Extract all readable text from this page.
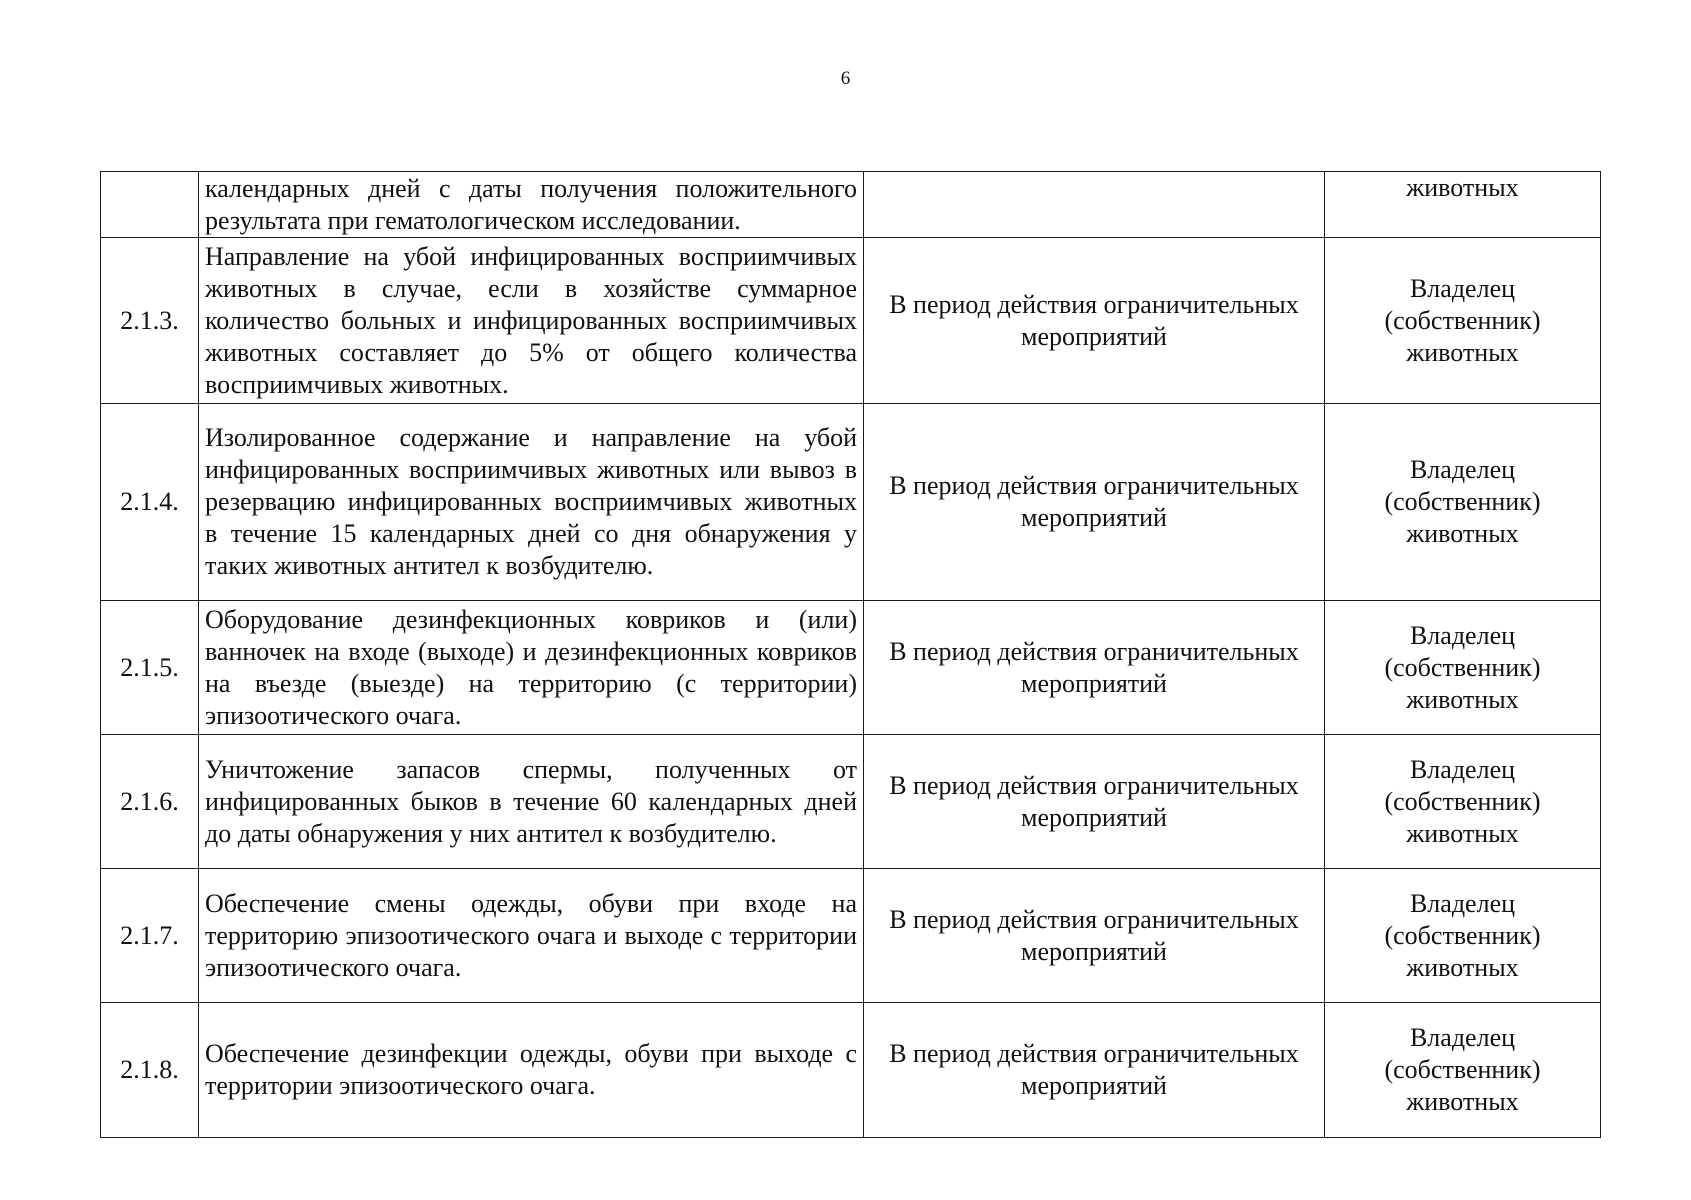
6
	календарных дней с даты получения положительного результата при гематологическом исследовании.		животных
2.1.3.	Направление на убой инфицированных восприимчивых животных в случае, если в хозяйстве суммарное количество больных и инфицированных восприимчивых животных составляет до 5% от общего количества восприимчивых животных.	В период действия ограничительных мероприятий	Владелец (собственник) животных
2.1.4.	Изолированное содержание и направление на убой инфицированных восприимчивых животных или вывоз в резервацию инфицированных восприимчивых животных в течение 15 календарных дней со дня обнаружения у таких животных антител к возбудителю.	В период действия ограничительных мероприятий	Владелец (собственник) животных
2.1.5.	Оборудование дезинфекционных ковриков и (или) ванночек на входе (выходе) и дезинфекционных ковриков на въезде (выезде) на территорию (с территории) эпизоотического очага.	В период действия ограничительных мероприятий	Владелец (собственник) животных
2.1.6.	Уничтожение запасов спермы, полученных от инфицированных быков в течение 60 календарных дней до даты обнаружения у них антител к возбудителю.	В период действия ограничительных мероприятий	Владелец (собственник) животных
2.1.7.	Обеспечение смены одежды, обуви при входе на территорию эпизоотического очага и выходе с территории эпизоотического очага.	В период действия ограничительных мероприятий	Владелец (собственник) животных
2.1.8.	Обеспечение дезинфекции одежды, обуви при выходе с территории эпизоотического очага.	В период действия ограничительных мероприятий	Владелец (собственник) животных
